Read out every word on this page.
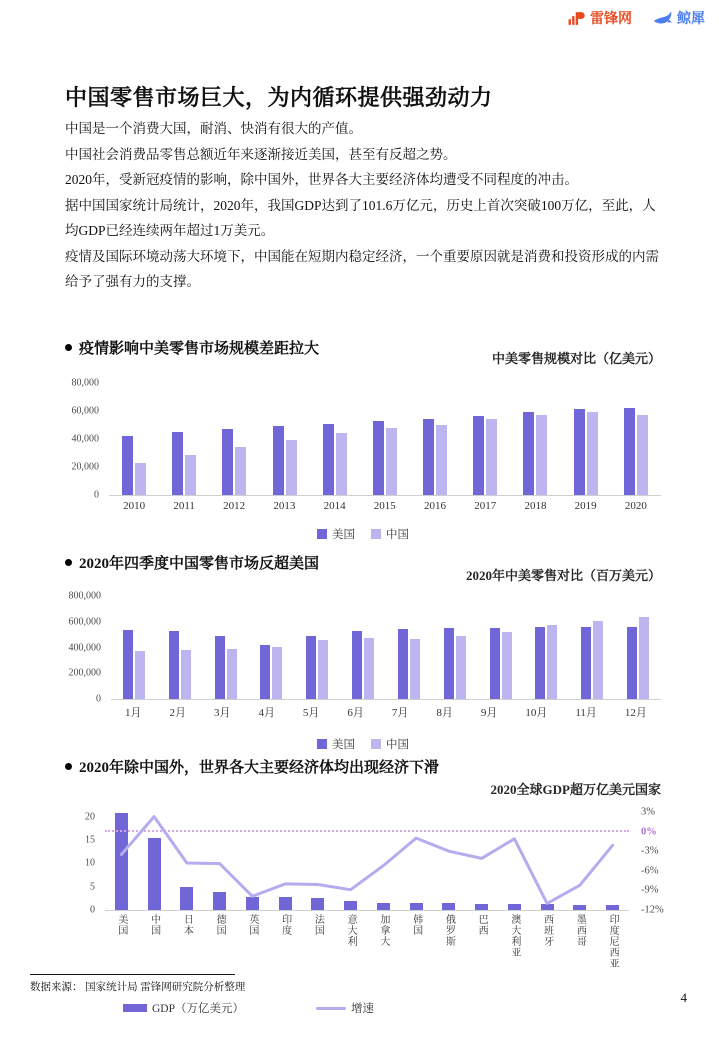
雷锋网	鲸犀
中国零售市场巨大，为内循环提供强劲动力

中国是一个消费大国，耐消、快消有很大的产值。

中国社会消费品零售总额近年来逐渐接近美国，甚至有反超之势。

2020年，受新冠疫情的影响，除中国外，世界各大主要经济体均遭受不同程度的冲击。

据中国国家统计局统计，2020年，我国GDP达到了101.6万亿元，历史上首次突破100万亿，至此，人均GDP已经连续两年超过1万美元。

疫情及国际环境动荡大环境下，中国能在短期内稳定经济，一个重要原因就是消费和投资形成的内需给予了强有力的支撑。

疫情影响中美零售市场规模差距拉大
中美零售规模对比（亿美元）
0
20,000
40,000
60,000
80,000
2010	2011	2012	2013	2014	2015	2016	2017	2018	2019	2020
美国	中国
2020年四季度中国零售市场反超美国
2020年中美零售对比（百万美元）
0
200,000
400,000
600,000
800,000
1月	2月	3月	4月	5月	6月	7月	8月	9月	10月	11月	12月
美国	中国
2020年除中国外，世界各大主要经济体均出现经济下滑
2020全球GDP超万亿美元国家
0
5
10
15
20	3%
0%
-3%
-6%
-9%
-12%
美国 中国 日本 德国 英国 印度 法国 意大利 加拿大 韩国 俄罗斯 巴西 澳大利亚 西班牙 墨西哥 印度尼西亚
GDP（万亿美元）	增速
数据来源： 国家统计局 雷锋网研究院分析整理
4
